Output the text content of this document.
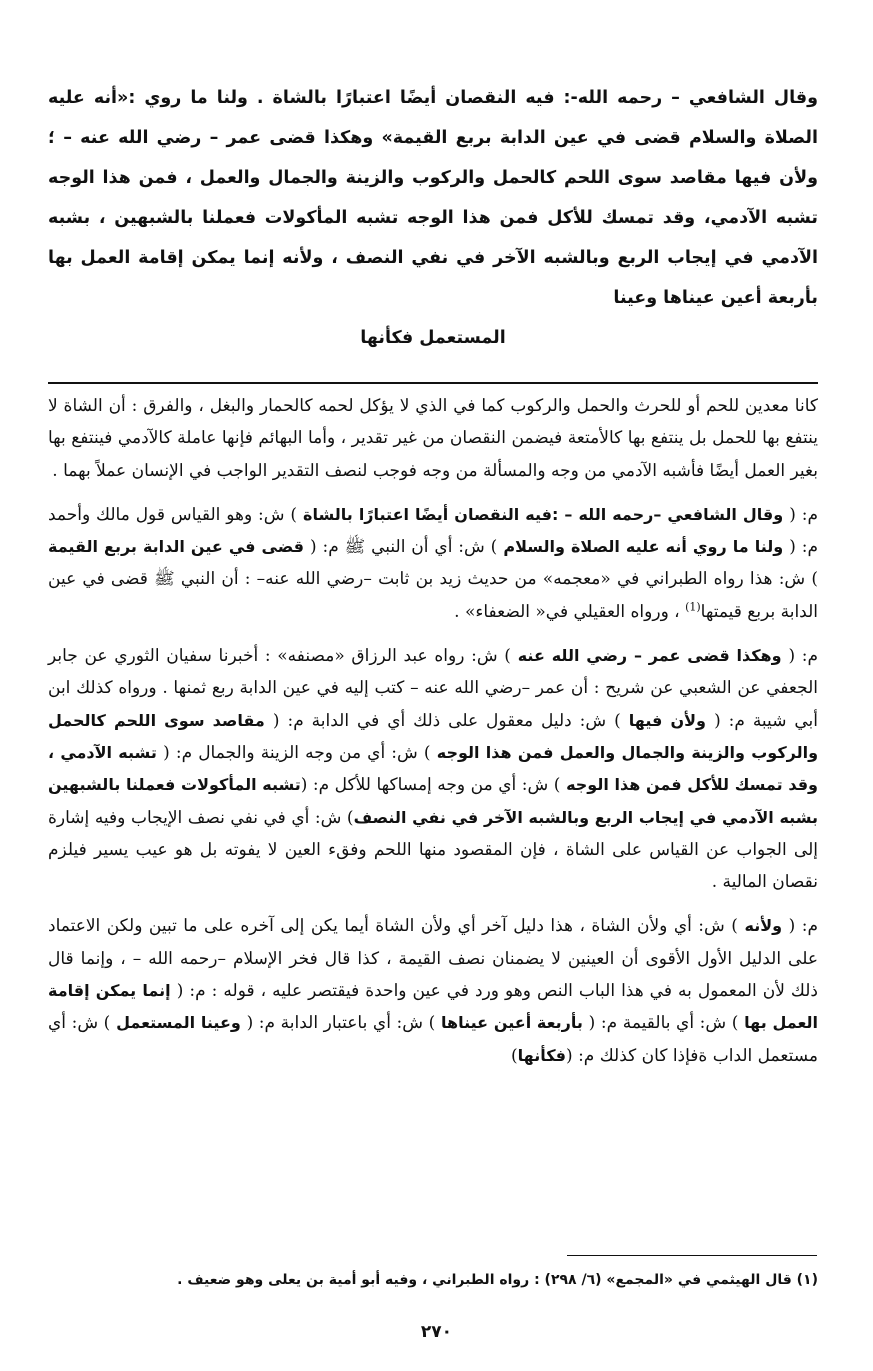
وقال الشافعي – رحمه الله-: فيه النقصان أيضًا اعتبارًا بالشاة . ولنا ما روي :«أنه عليه الصلاة والسلام قضى في عين الدابة بربع القيمة» وهكذا قضى عمر – رضي الله عنه – ؛ ولأن فيها مقاصد سوى اللحم كالحمل والركوب والزينة والجمال والعمل ، فمن هذا الوجه تشبه الآدمي، وقد تمسك للأكل فمن هذا الوجه تشبه المأكولات فعملنا بالشبهين ، بشبه الآدمي في إيجاب الربع وبالشبه الآخر في نفي النصف ، ولأنه إنما يمكن إقامة العمل بها بأربعة أعين عيناها وعينا
المستعمل فكأنها

كانا معدين للحم أو للحرث والحمل والركوب كما في الذي لا يؤكل لحمه كالحمار والبغل ، والفرق : أن الشاة لا ينتفع بها للحمل بل ينتفع بها كالأمتعة فيضمن النقصان من غير تقدير ، وأما البهائم فإنها عاملة كالآدمي فينتفع بها بغير العمل أيضًا فأشبه الآدمي من وجه والمسألة من وجه فوجب لنصف التقدير الواجب في الإنسان عملاً بهما .

م: ( وقال الشافعي –رحمه الله – :فيه النقصان أيضًا اعتبارًا بالشاة ) ش: وهو القياس قول مالك وأحمد م: ( ولنا ما روي أنه عليه الصلاة والسلام ) ش: أي أن النبي ﷺ م: ( قضى في عين الدابة بربع القيمة ) ش: هذا رواه الطبراني في «معجمه» من حديث زيد بن ثابت –رضي الله عنه– : أن النبي ﷺ قضى في عين الدابة بربع قيمتها$^{(1)}$ ، ورواه العقيلي في« الضعفاء» .

م: ( وهكذا قضى عمر – رضي الله عنه ) ش: رواه عبد الرزاق «مصنفه» : أخبرنا سفيان الثوري عن جابر الجعفي عن الشعبي عن شريح : أن عمر –رضي الله عنه – كتب إليه في عين الدابة ربع ثمنها . ورواه كذلك ابن أبي شيبة م: ( ولأن فيها ) ش: دليل معقول على ذلك أي في الدابة م: ( مقاصد سوى اللحم كالحمل والركوب والزينة والجمال والعمل فمن هذا الوجه ) ش: أي من وجه الزينة والجمال م: ( تشبه الآدمي ، وقد تمسك للأكل فمن هذا الوجه ) ش: أي من وجه إمساكها للأكل م: (تشبه المأكولات فعملنا بالشبهين بشبه الآدمي في إيجاب الربع وبالشبه الآخر في نفي النصف) ش: أي في نفي نصف الإيجاب وفيه إشارة إلى الجواب عن القياس على الشاة ، فإن المقصود منها اللحم وفقء العين لا يفوته بل هو عيب يسير فيلزم نقصان المالية .

م: ( ولأنه ) ش: أي ولأن الشاة ، هذا دليل آخر أي ولأن الشاة أيما يكن إلى آخره على ما تبين ولكن الاعتماد على الدليل الأول الأقوى أن العينين لا يضمنان نصف القيمة ، كذا قال فخر الإسلام –رحمه الله – ، وإنما قال ذلك لأن المعمول به في هذا الباب النص وهو ورد في عين واحدة فيقتصر عليه ، قوله : م: ( إنما يمكن إقامة العمل بها ) ش: أي بالقيمة م: ( بأربعة أعين عيناها ) ش: أي باعتبار الدابة م: ( وعينا المستعمل ) ش: أي مستعمل الداب ةفإذا كان كذلك م: (فكأنها)

(١) قال الهيثمي في «المجمع» (٦/ ٢٩٨) : رواه الطبراني ، وفيه أبو أمية بن يعلى وهو ضعيف .
٢٧٠
